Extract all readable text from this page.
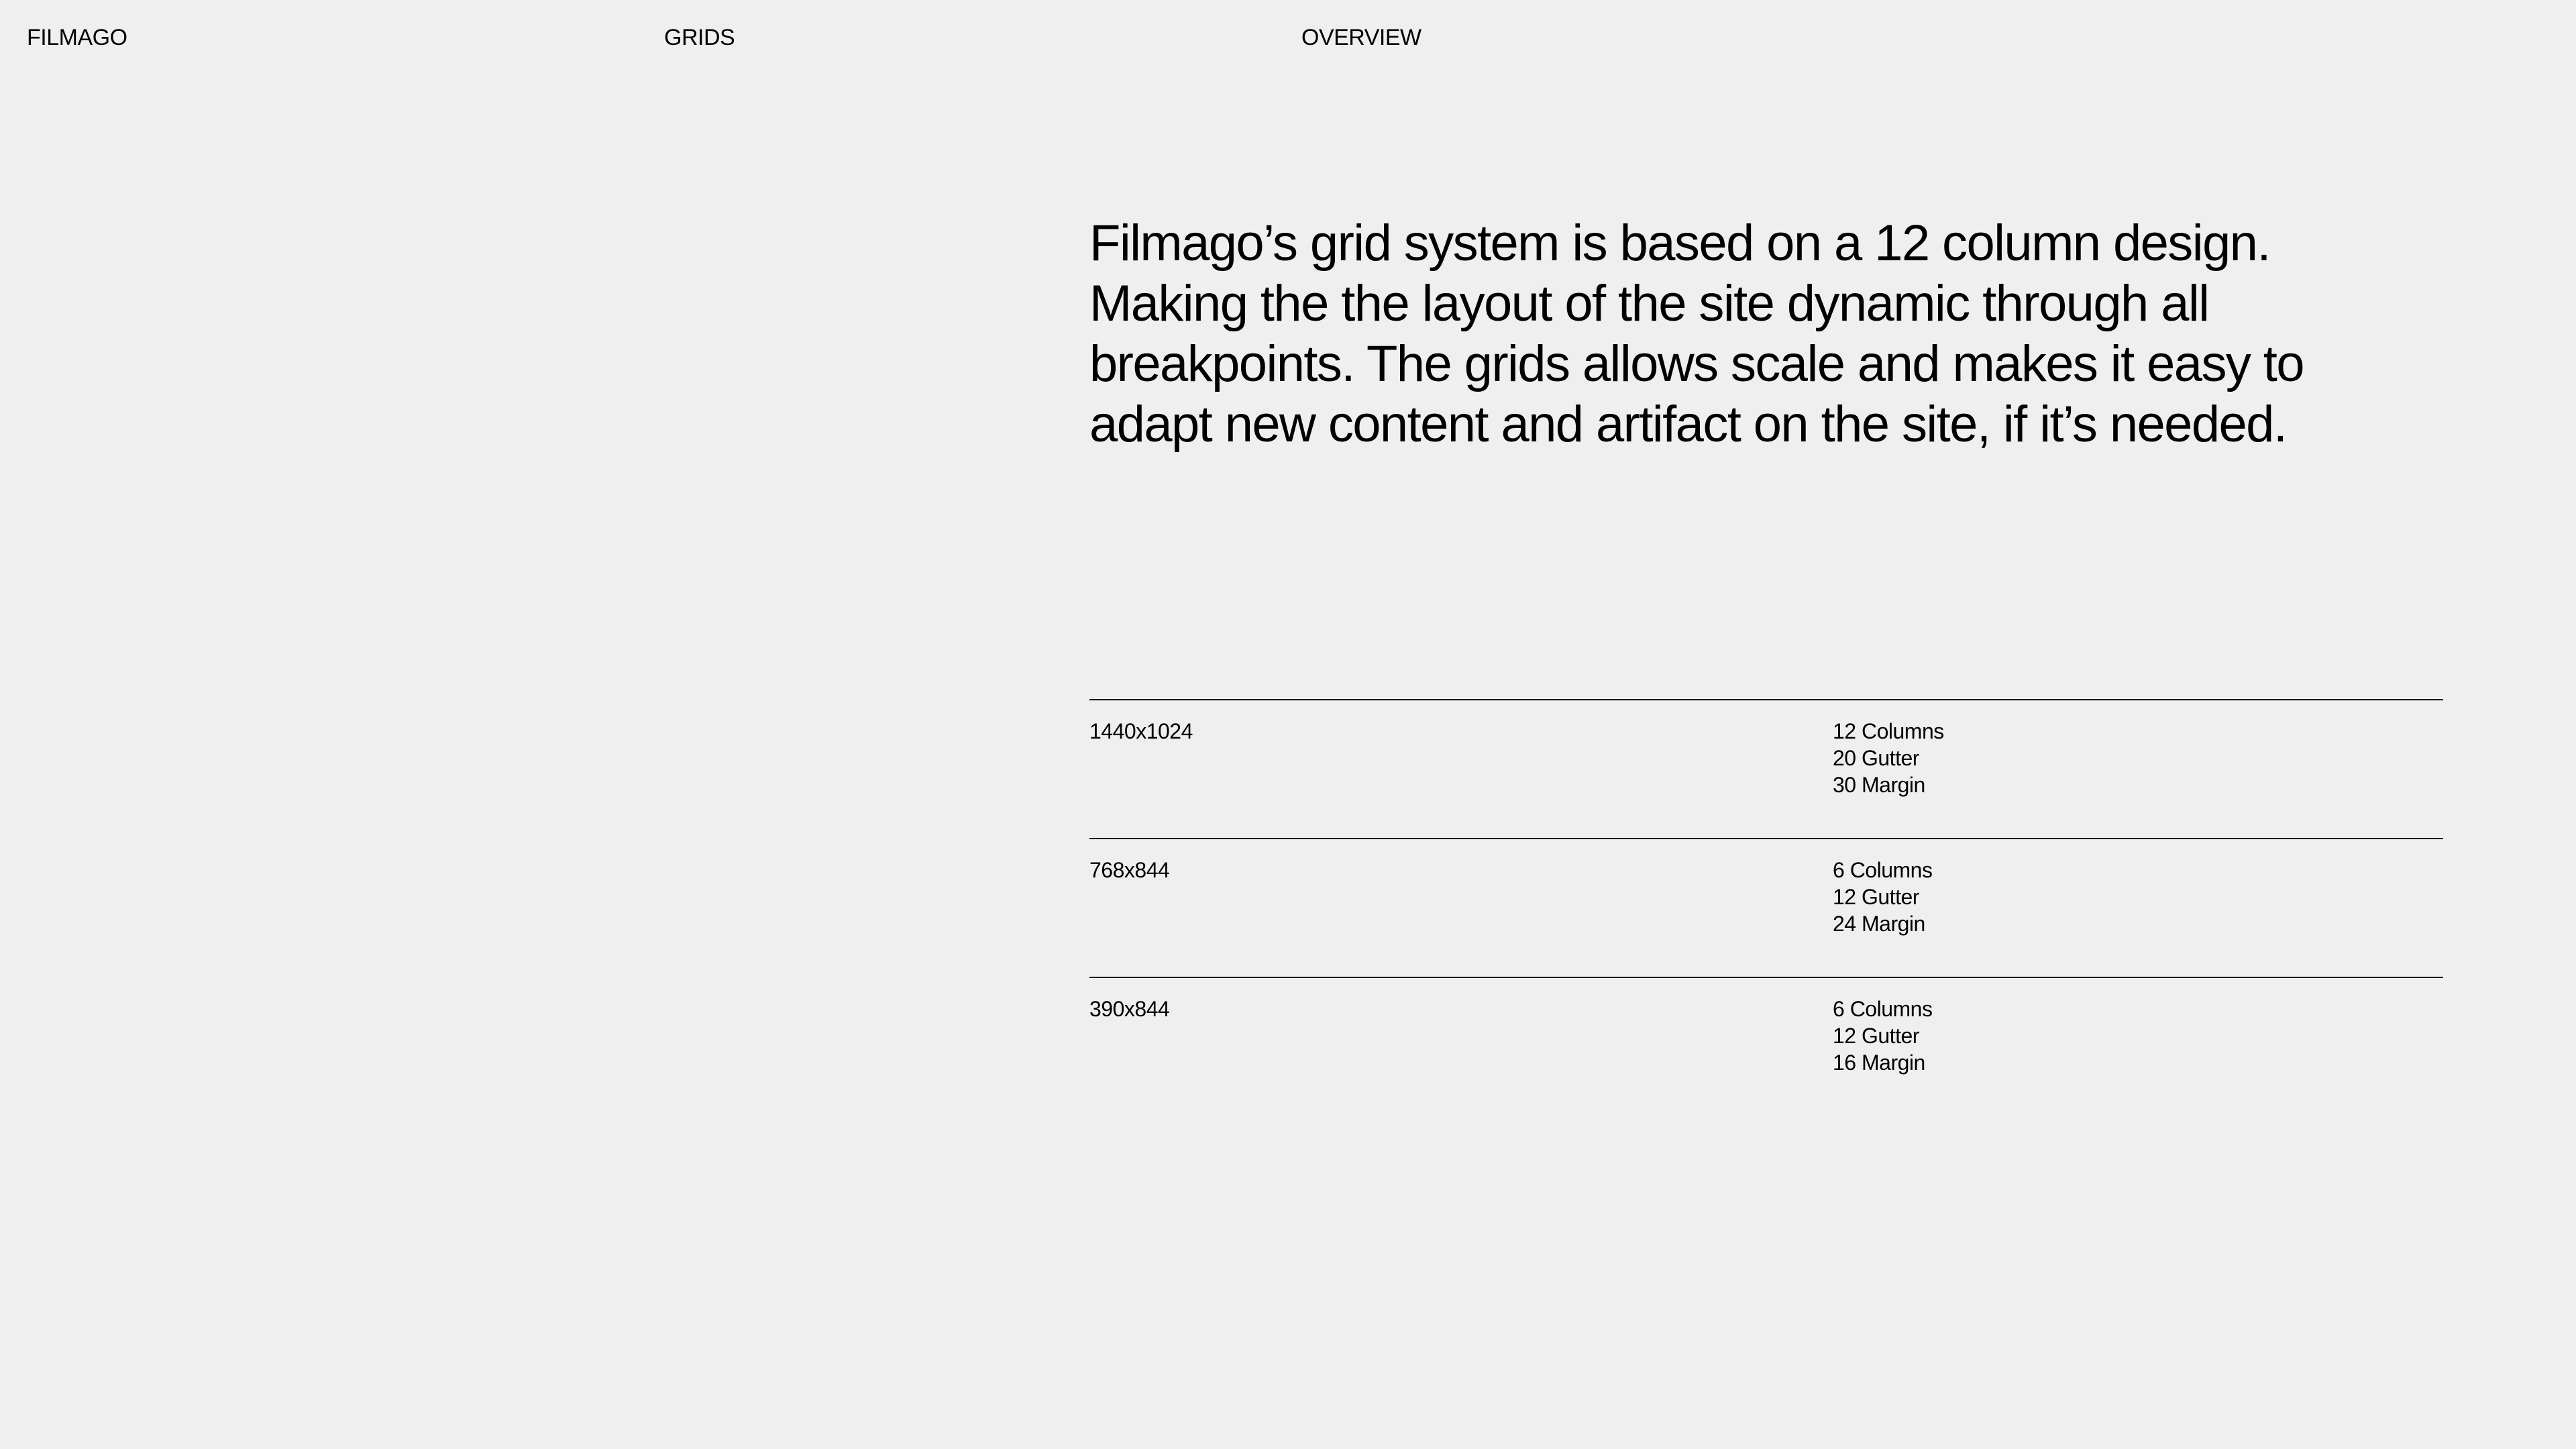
FILMAGO	GRIDS	OVERVIEW

Filmago’s grid system is based on a 12 column design. Making the the layout of the site dynamic through all breakpoints. The grids allows scale and makes it easy to adapt new content and artifact on the site, if it’s needed.

1440x1024	12 Columns
20 Gutter
30 Margin
768x844	6 Columns
12 Gutter
24 Margin
390x844	6 Columns
12 Gutter
16 Margin
